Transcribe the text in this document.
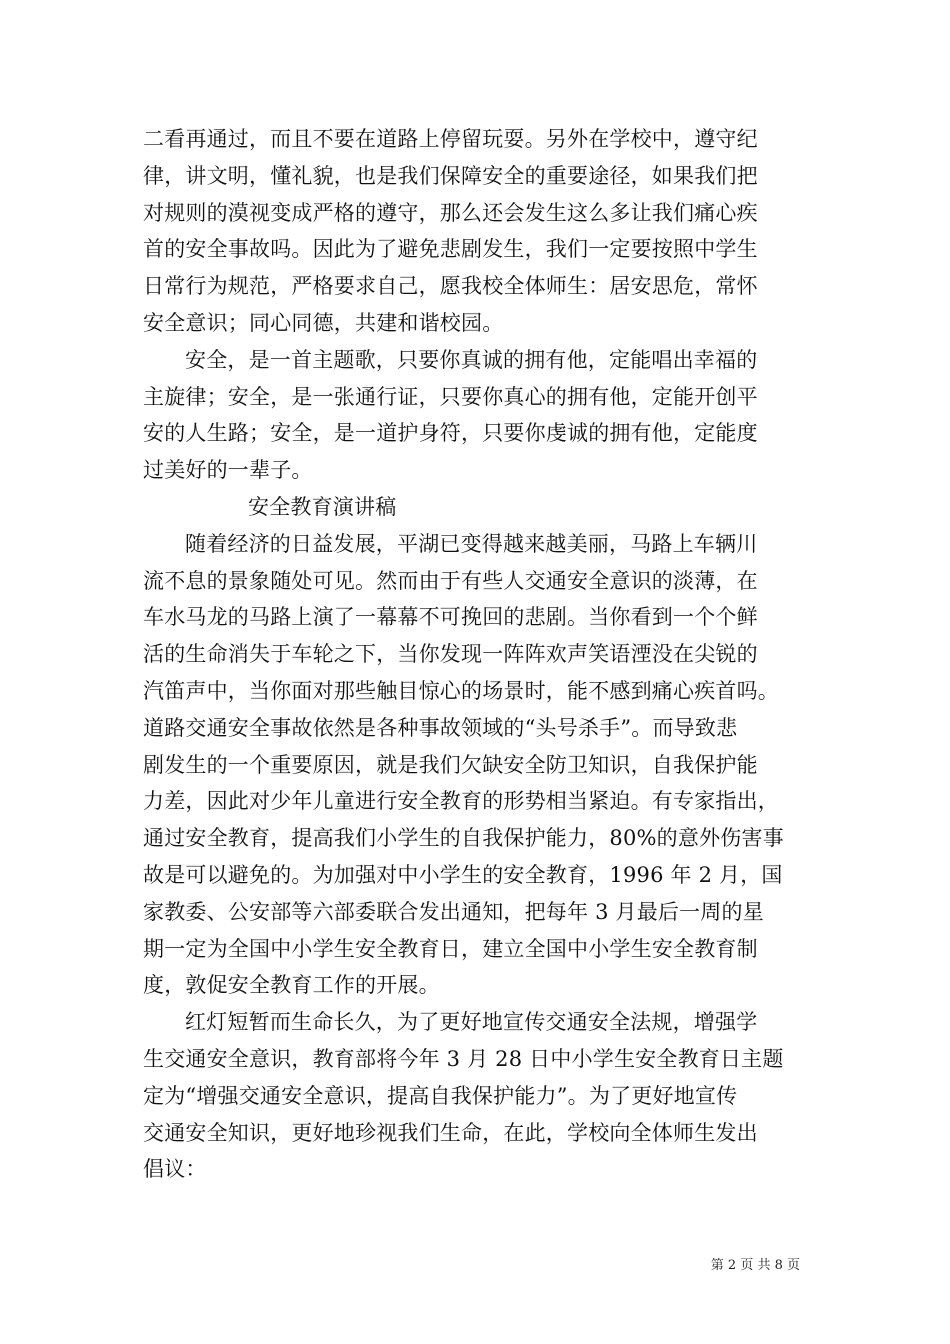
二看再通过，而且不要在道路上停留玩耍。另外在学校中，遵守纪
律，讲文明，懂礼貌，也是我们保障安全的重要途径，如果我们把
对规则的漠视变成严格的遵守，那么还会发生这么多让我们痛心疾
首的安全事故吗。因此为了避免悲剧发生，我们一定要按照中学生
日常行为规范，严格要求自己，愿我校全体师生：居安思危，常怀
安全意识；同心同德，共建和谐校园。
安全，是一首主题歌，只要你真诚的拥有他，定能唱出幸福的
主旋律；安全，是一张通行证，只要你真心的拥有他，定能开创平
安的人生路；安全，是一道护身符，只要你虔诚的拥有他，定能度
过美好的一辈子。
安全教育演讲稿
随着经济的日益发展，平湖已变得越来越美丽，马路上车辆川
流不息的景象随处可见。然而由于有些人交通安全意识的淡薄，在
车水马龙的马路上演了一幕幕不可挽回的悲剧。当你看到一个个鲜
活的生命消失于车轮之下，当你发现一阵阵欢声笑语湮没在尖锐的
汽笛声中，当你面对那些触目惊心的场景时，能不感到痛心疾首吗。
道路交通安全事故依然是各种事故领域的“头号杀手”。而导致悲
剧发生的一个重要原因，就是我们欠缺安全防卫知识，自我保护能
力差，因此对少年儿童进行安全教育的形势相当紧迫。有专家指出，
通过安全教育，提高我们小学生的自我保护能力，80%的意外伤害事
故是可以避免的。为加强对中小学生的安全教育，1996 年 2 月，国
家教委、公安部等六部委联合发出通知，把每年 3 月最后一周的星
期一定为全国中小学生安全教育日，建立全国中小学生安全教育制
度，敦促安全教育工作的开展。
红灯短暂而生命长久，为了更好地宣传交通安全法规，增强学
生交通安全意识，教育部将今年 3 月 28 日中小学生安全教育日主题
定为“增强交通安全意识，提高自我保护能力”。为了更好地宣传
交通安全知识，更好地珍视我们生命，在此，学校向全体师生发出
倡议：
第 2 页 共 8 页
